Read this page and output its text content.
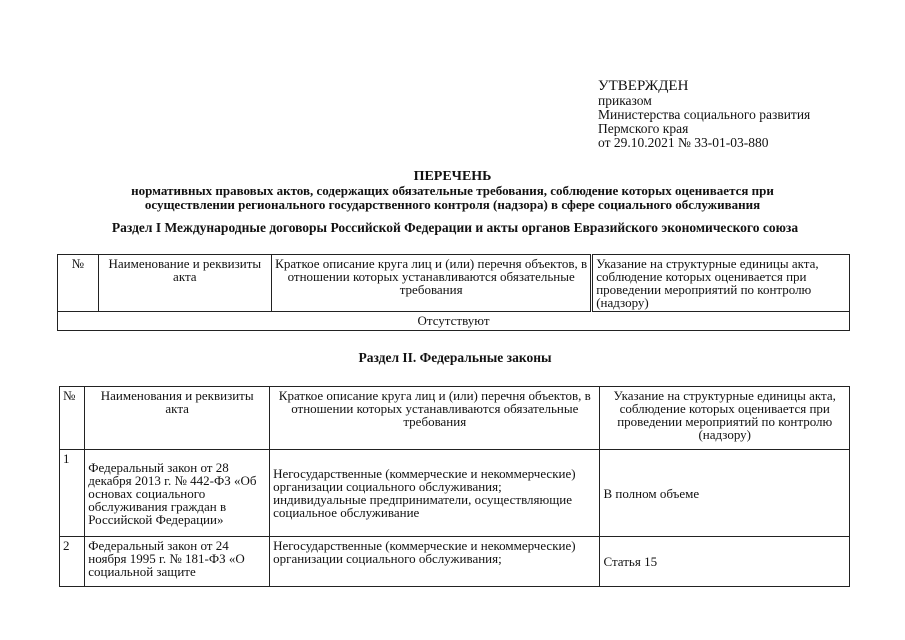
УТВЕРЖДЕН
приказом
Министерства социального развития
Пермского края
от 29.10.2021 № 33-01-03-880
ПЕРЕЧЕНЬ
нормативных правовых актов, содержащих обязательные требования, соблюдение которых оценивается при
осуществлении регионального государственного контроля (надзора) в сфере социального обслуживания
Раздел I Международные договоры Российской Федерации и акты органов Евразийского экономического союза
№	Наименование и реквизиты акта	Краткое описание круга лиц и (или) перечня объектов, в отношении которых устанавливаются обязательные требования	Указание на структурные единицы акта, соблюдение которых оценивается при проведении мероприятий по контролю (надзору)
Отсутствуют
Раздел II. Федеральные законы
№	Наименования и реквизиты акта	Краткое описание круга лиц и (или) перечня объектов, в отношении которых устанавливаются обязательные требования	Указание на структурные единицы акта, соблюдение которых оценивается при проведении мероприятий по контролю (надзору)
1	Федеральный закон от 28 декабря 2013 г. № 442-ФЗ «Об основах социального обслуживания граждан в Российской Федерации»	Негосударственные (коммерческие и некоммерческие) организации социального обслуживания;
индивидуальные предприниматели, осуществляющие социальное обслуживание	В полном объеме
2	Федеральный закон от 24 ноября 1995 г. № 181-ФЗ «О социальной защите	Негосударственные (коммерческие и некоммерческие) организации социального обслуживания;	Статья 15
